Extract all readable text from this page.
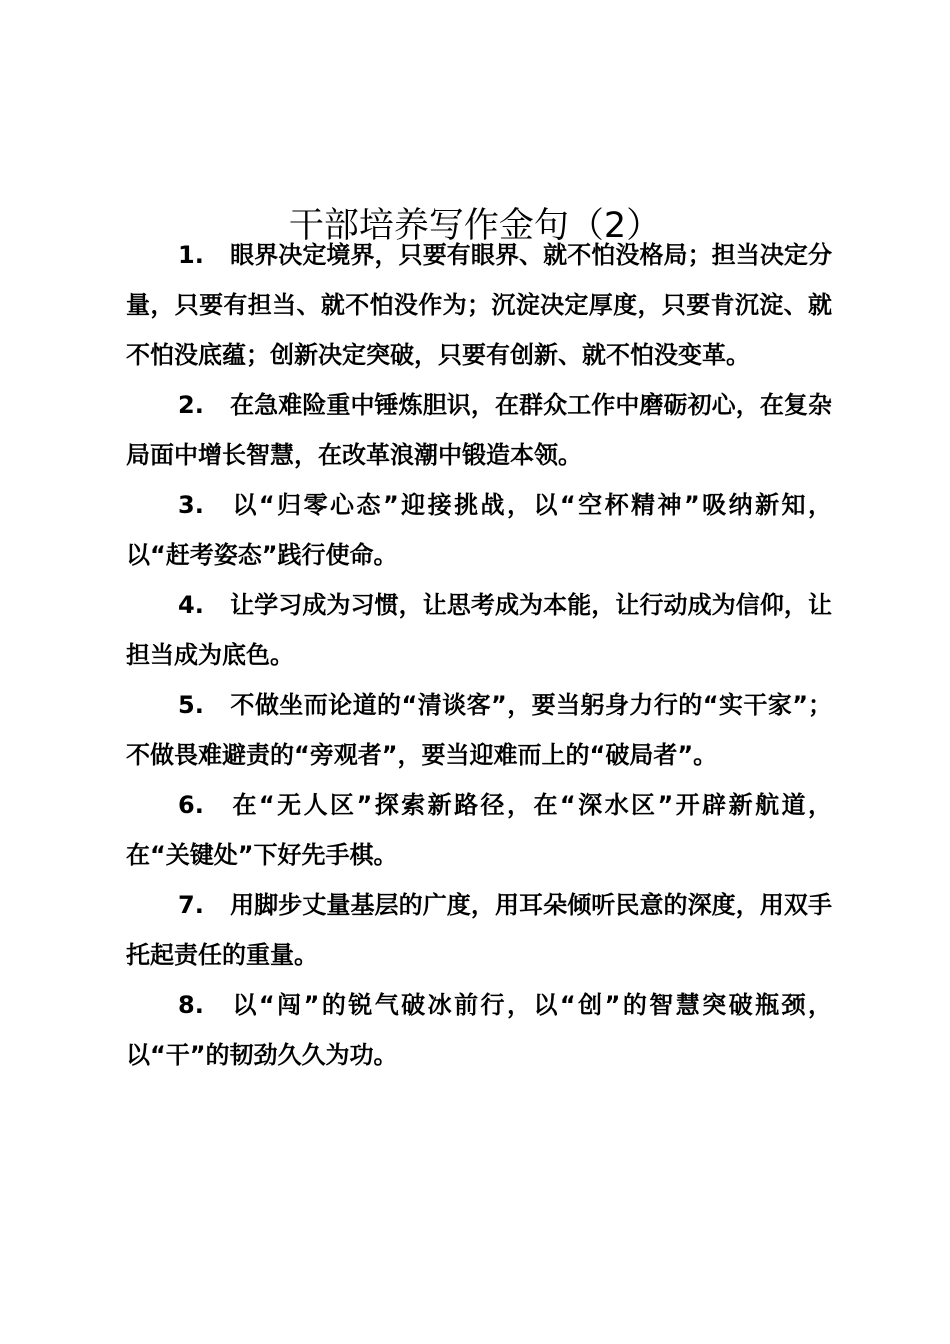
干部培养写作金句（2）

1. 眼界决定境界，只要有眼界、就不怕没格局；担当决定分量，只要有担当、就不怕没作为；沉淀决定厚度，只要肯沉淀、就不怕没底蕴；创新决定突破，只要有创新、就不怕没变革。

2. 在急难险重中锤炼胆识，在群众工作中磨砺初心，在复杂局面中增长智慧，在改革浪潮中锻造本领。

3. 以“归零心态”迎接挑战，以“空杯精神”吸纳新知，以“赶考姿态”践行使命。

4. 让学习成为习惯，让思考成为本能，让行动成为信仰，让担当成为底色。

5. 不做坐而论道的“清谈客”，要当躬身力行的“实干家”；不做畏难避责的“旁观者”，要当迎难而上的“破局者”。

6. 在“无人区”探索新路径，在“深水区”开辟新航道，在“关键处”下好先手棋。

7. 用脚步丈量基层的广度，用耳朵倾听民意的深度，用双手托起责任的重量。

8. 以“闯”的锐气破冰前行，以“创”的智慧突破瓶颈，以“干”的韧劲久久为功。
